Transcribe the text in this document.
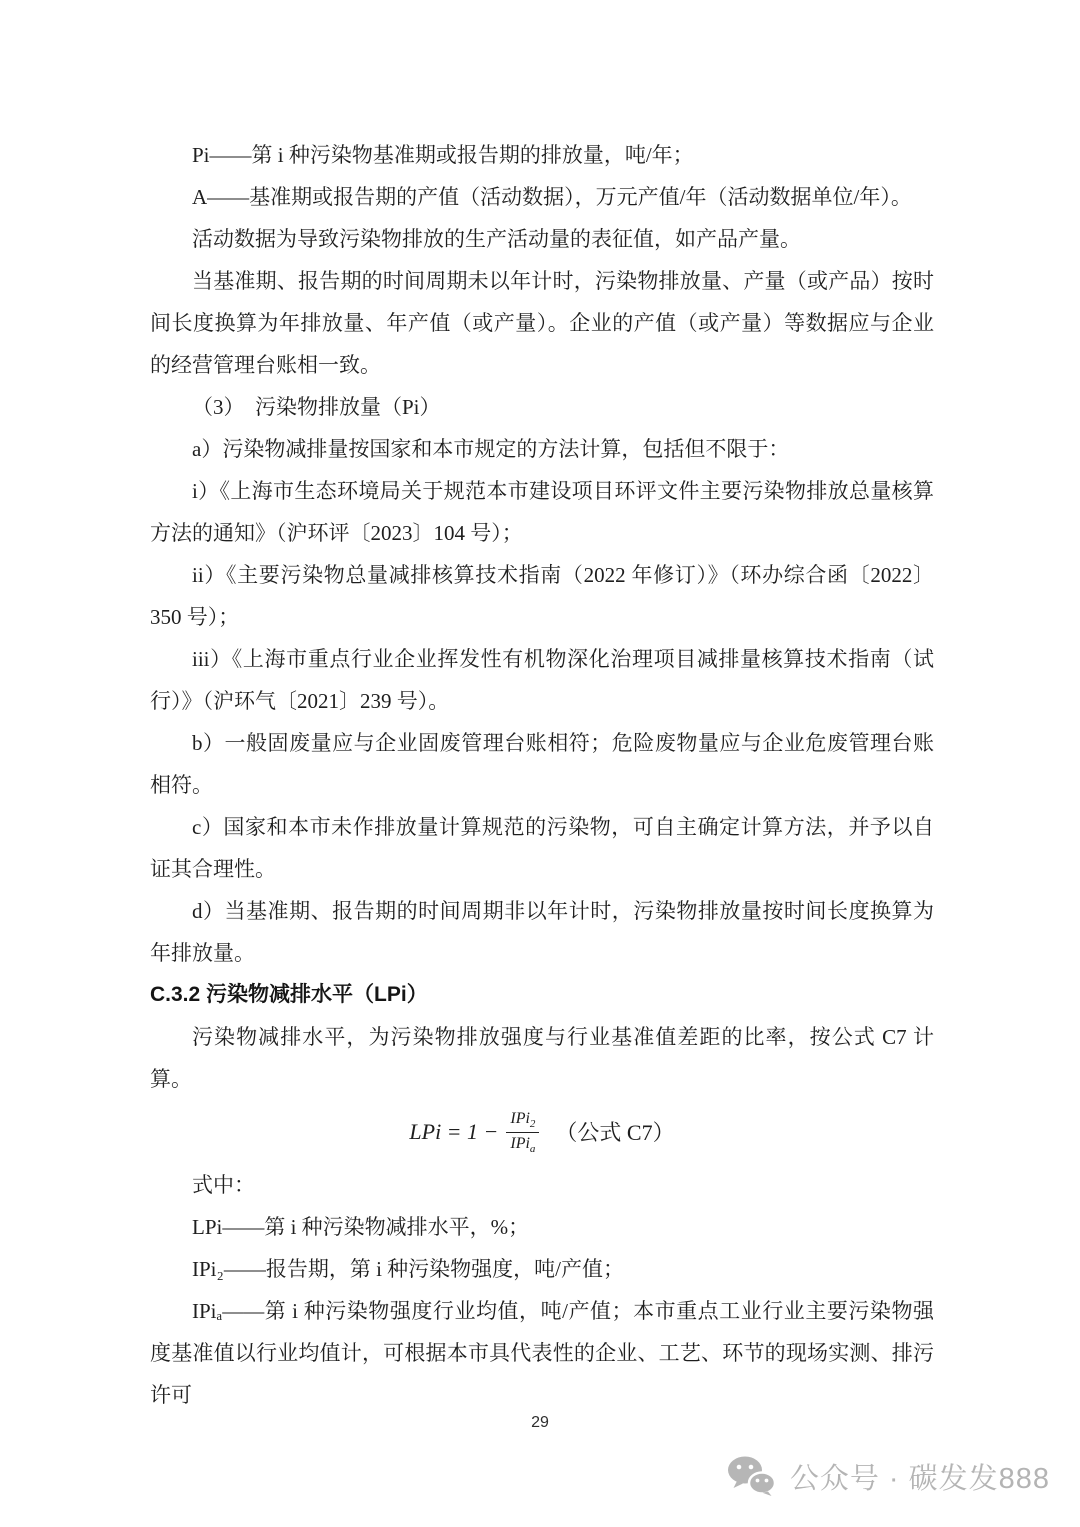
Pi——第 i 种污染物基准期或报告期的排放量，吨/年；

A——基准期或报告期的产值（活动数据），万元产值/年（活动数据单位/年）。

活动数据为导致污染物排放的生产活动量的表征值，如产品产量。

当基准期、报告期的时间周期未以年计时，污染物排放量、产量（或产品）按时间长度换算为年排放量、年产值（或产量）。企业的产值（或产量）等数据应与企业的经营管理台账相一致。

（3）　污染物排放量（Pi）

a）污染物减排量按国家和本市规定的方法计算，包括但不限于：

i）《上海市生态环境局关于规范本市建设项目环评文件主要污染物排放总量核算方法的通知》（沪环评〔2023〕104 号）；

ii）《主要污染物总量减排核算技术指南（2022 年修订）》（环办综合函〔2022〕350 号）；

iii）《上海市重点行业企业挥发性有机物深化治理项目减排量核算技术指南（试行）》（沪环气〔2021〕239 号）。

b）一般固废量应与企业固废管理台账相符；危险废物量应与企业危废管理台账相符。

c）国家和本市未作排放量计算规范的污染物，可自主确定计算方法，并予以自证其合理性。

d）当基准期、报告期的时间周期非以年计时，污染物排放量按时间长度换算为年排放量。

C.3.2 污染物减排水平（LPi）

污染物减排水平，为污染物排放强度与行业基准值差距的比率，按公式 C7 计算。

LPi = $1 - \frac{IPi_2}{IPi_a}$ （公式 C7）

式中：

LPi——第 i 种污染物减排水平，%；

IPi₂——报告期，第 i 种污染物强度，吨/产值；

IPiₐ——第 i 种污染物强度行业均值，吨/产值；本市重点工业行业主要污染物强度基准值以行业均值计，可根据本市具代表性的企业、工艺、环节的现场实测、排污许可

29
公众号 · 碳发发888
